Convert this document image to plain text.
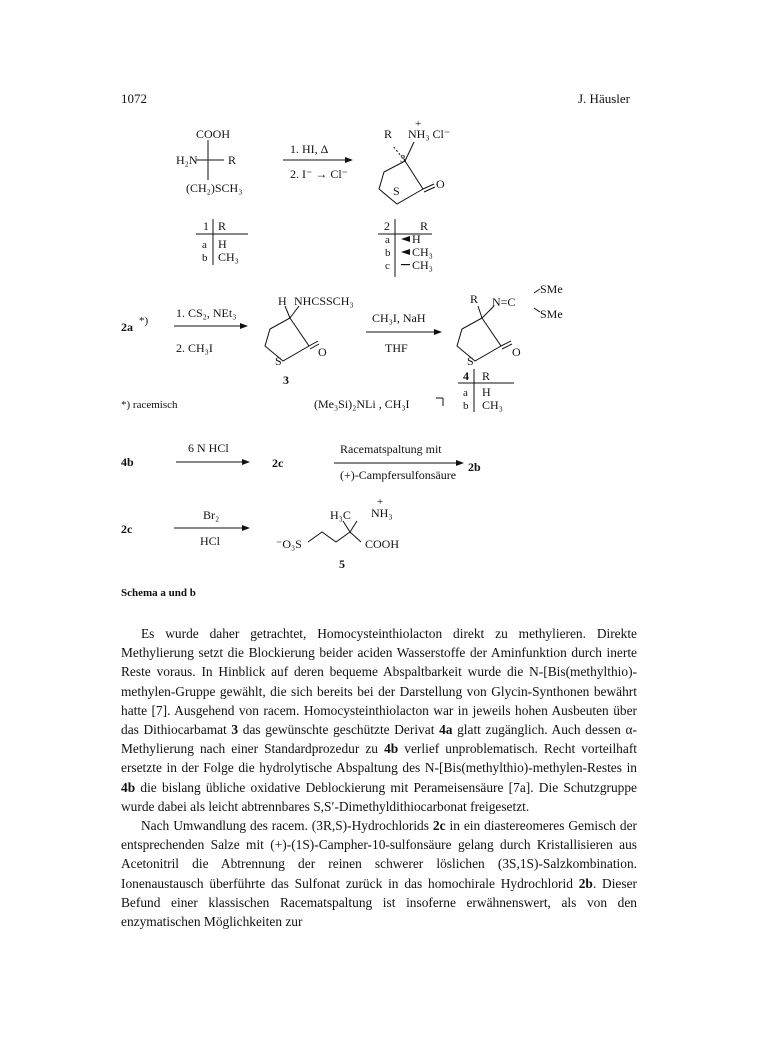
1072	J. Häusler
COOH
H₂N	R
(CH₂)SCH₃
1. HI, Δ
2. I⁻ → Cl⁻
R
+
NH₃ Cl⁻
3
S	O
1 R
a H
b CH₃
2	R
a H
b CH₃
c CH₃
2a *)
1. CS₂, NEt₃
2. CH₃I
H NHCSSCH₃
S
O
3
CH₃I, NaH
THF
R N=C
SMe
SMe
S
O
4 R
a H
b CH₃
*) racemisch	(Me₃Si)₂NLi , CH₃I
4b
6 N HCl
2c
Racematspaltung mit
(+)-Campfersulfonsäure
2b
2c
Br₂
HCl
H₃C
+
NH₃
⁻O₃S	COOH
5
Schema a und b

Es wurde daher getrachtet, Homocysteinthiolacton direkt zu methylieren. Direkte Methylierung setzt die Blockierung beider aciden Wasserstoffe der Aminfunktion durch inerte Reste voraus. In Hinblick auf deren bequeme Abspaltbarkeit wurde die N-[Bis(methylthio)-methylen-Gruppe gewählt, die sich bereits bei der Darstellung von Glycin-Synthonen bewährt hatte [7]. Ausgehend von racem. Homocysteinthiolacton war in jeweils hohen Ausbeuten über das Dithiocarbamat 3 das gewünschte geschützte Derivat 4a glatt zugänglich. Auch dessen α-Methylierung nach einer Standardprozedur zu 4b verlief unproblematisch. Recht vorteilhaft ersetzte in der Folge die hydrolytische Abspaltung des N-[Bis(methylthio)-methylen-Restes in 4b die bislang übliche oxidative Deblockierung mit Perameisensäure [7a]. Die Schutzgruppe wurde dabei als leicht abtrennbares S,S′-Dimethyldithiocarbonat freigesetzt.

Nach Umwandlung des racem. (3R,S)-Hydrochlorids 2c in ein diastereomeres Gemisch der entsprechenden Salze mit (+)-(1S)-Campher-10-sulfonsäure gelang durch Kristallisieren aus Acetonitril die Abtrennung der reinen schwerer löslichen (3S,1S)-Salzkombination. Ionenaustausch überführte das Sulfonat zurück in das homochirale Hydrochlorid 2b. Dieser Befund einer klassischen Racematspaltung ist insoferne erwähnenswert, als von den enzymatischen Möglichkeiten zur
